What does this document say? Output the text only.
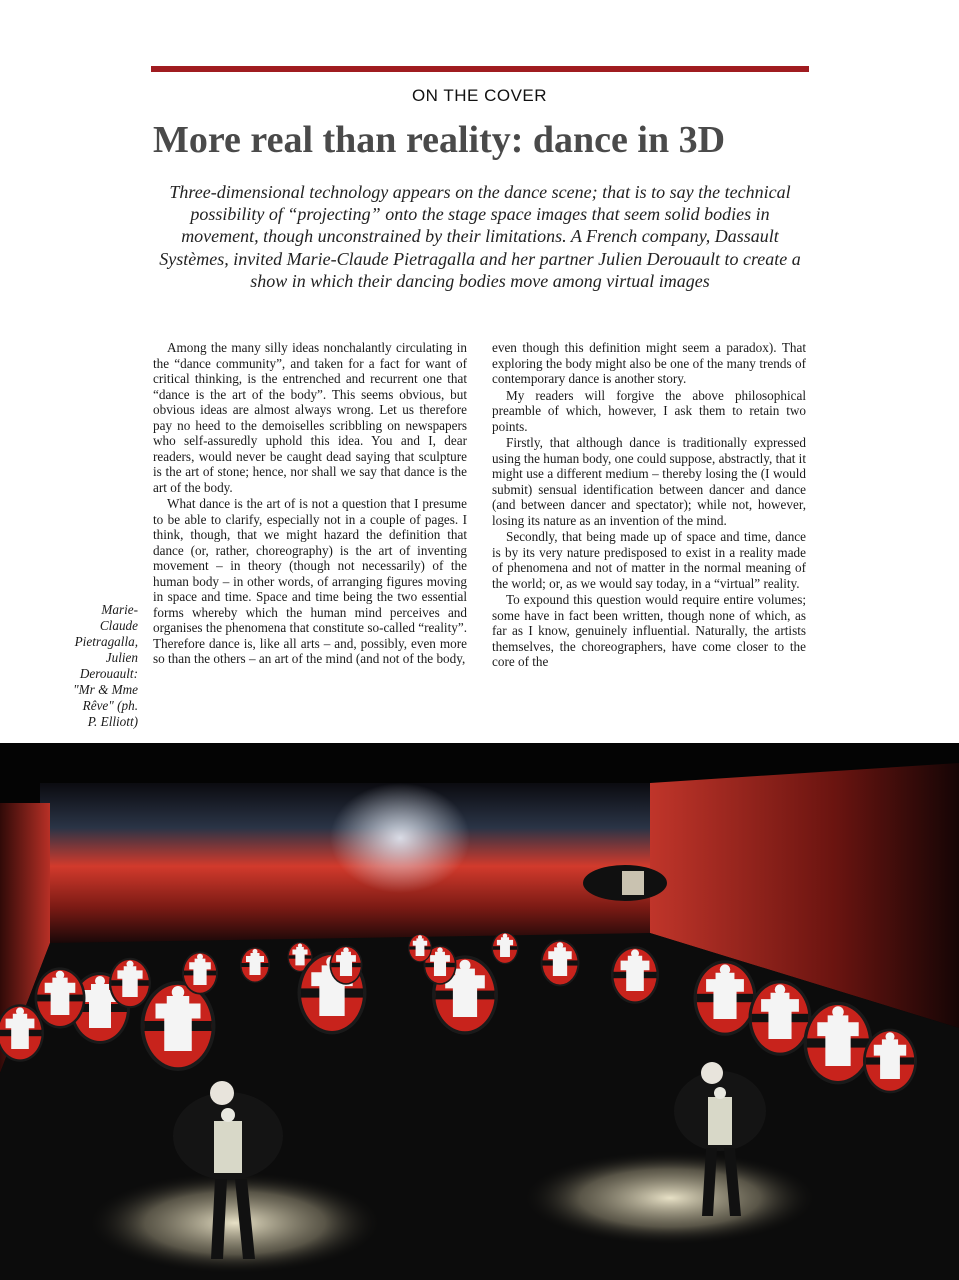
ON THE COVER
More real than reality: dance in 3D

Three-dimensional technology appears on the dance scene; that is to say the technical possibility of “projecting” onto the stage space images that seem solid bodies in movement, though unconstrained by their limitations. A French company, Dassault Systèmes, invited Marie-Claude Pietragalla and her partner Julien Derouault to create a show in which their dancing bodies move among virtual images

Among the many silly ideas nonchalantly circulating in the “dance community”, and taken for a fact for want of critical thinking, is the entrenched and recurrent one that “dance is the art of the body”. This seems obvious, but obvious ideas are almost always wrong. Let us therefore pay no heed to the demoiselles scribbling on newspapers who self-assuredly uphold this idea. You and I, dear readers, would never be caught dead saying that sculpture is the art of stone; hence, nor shall we say that dance is the art of the body.

What dance is the art of is not a question that I presume to be able to clarify, especially not in a couple of pages. I think, though, that we might hazard the definition that dance (or, rather, choreography) is the art of inventing movement – in theory (though not necessarily) of the human body – in other words, of arranging figures moving in space and time. Space and time being the two essential forms whereby which the human mind perceives and organises the phenomena that constitute so-called “reality”. Therefore dance is, like all arts – and, possibly, even more so than the others – an art of the mind (and not of the body,

even though this definition might seem a paradox). That exploring the body might also be one of the many trends of contemporary dance is another story.

My readers will forgive the above philosophical preamble of which, however, I ask them to retain two points.

Firstly, that although dance is traditionally expressed using the human body, one could suppose, abstractly, that it might use a different medium – thereby losing the (I would submit) sensual identification between dancer and dance (and between dancer and spectator); while not, however, losing its nature as an invention of the mind.

Secondly, that being made up of space and time, dance is by its very nature predisposed to exist in a reality made of phenomena and not of matter in the normal meaning of the world; or, as we would say today, in a “virtual” reality.

To expound this question would require entire volumes; some have in fact been written, though none of which, as far as I know, genuinely influential. Naturally, the artists themselves, the choreographers, have come closer to the core of the

Marie-
Claude
Pietragalla,
Julien
Derouault:
"Mr & Mme
Rêve" (ph.
P. Elliott)
